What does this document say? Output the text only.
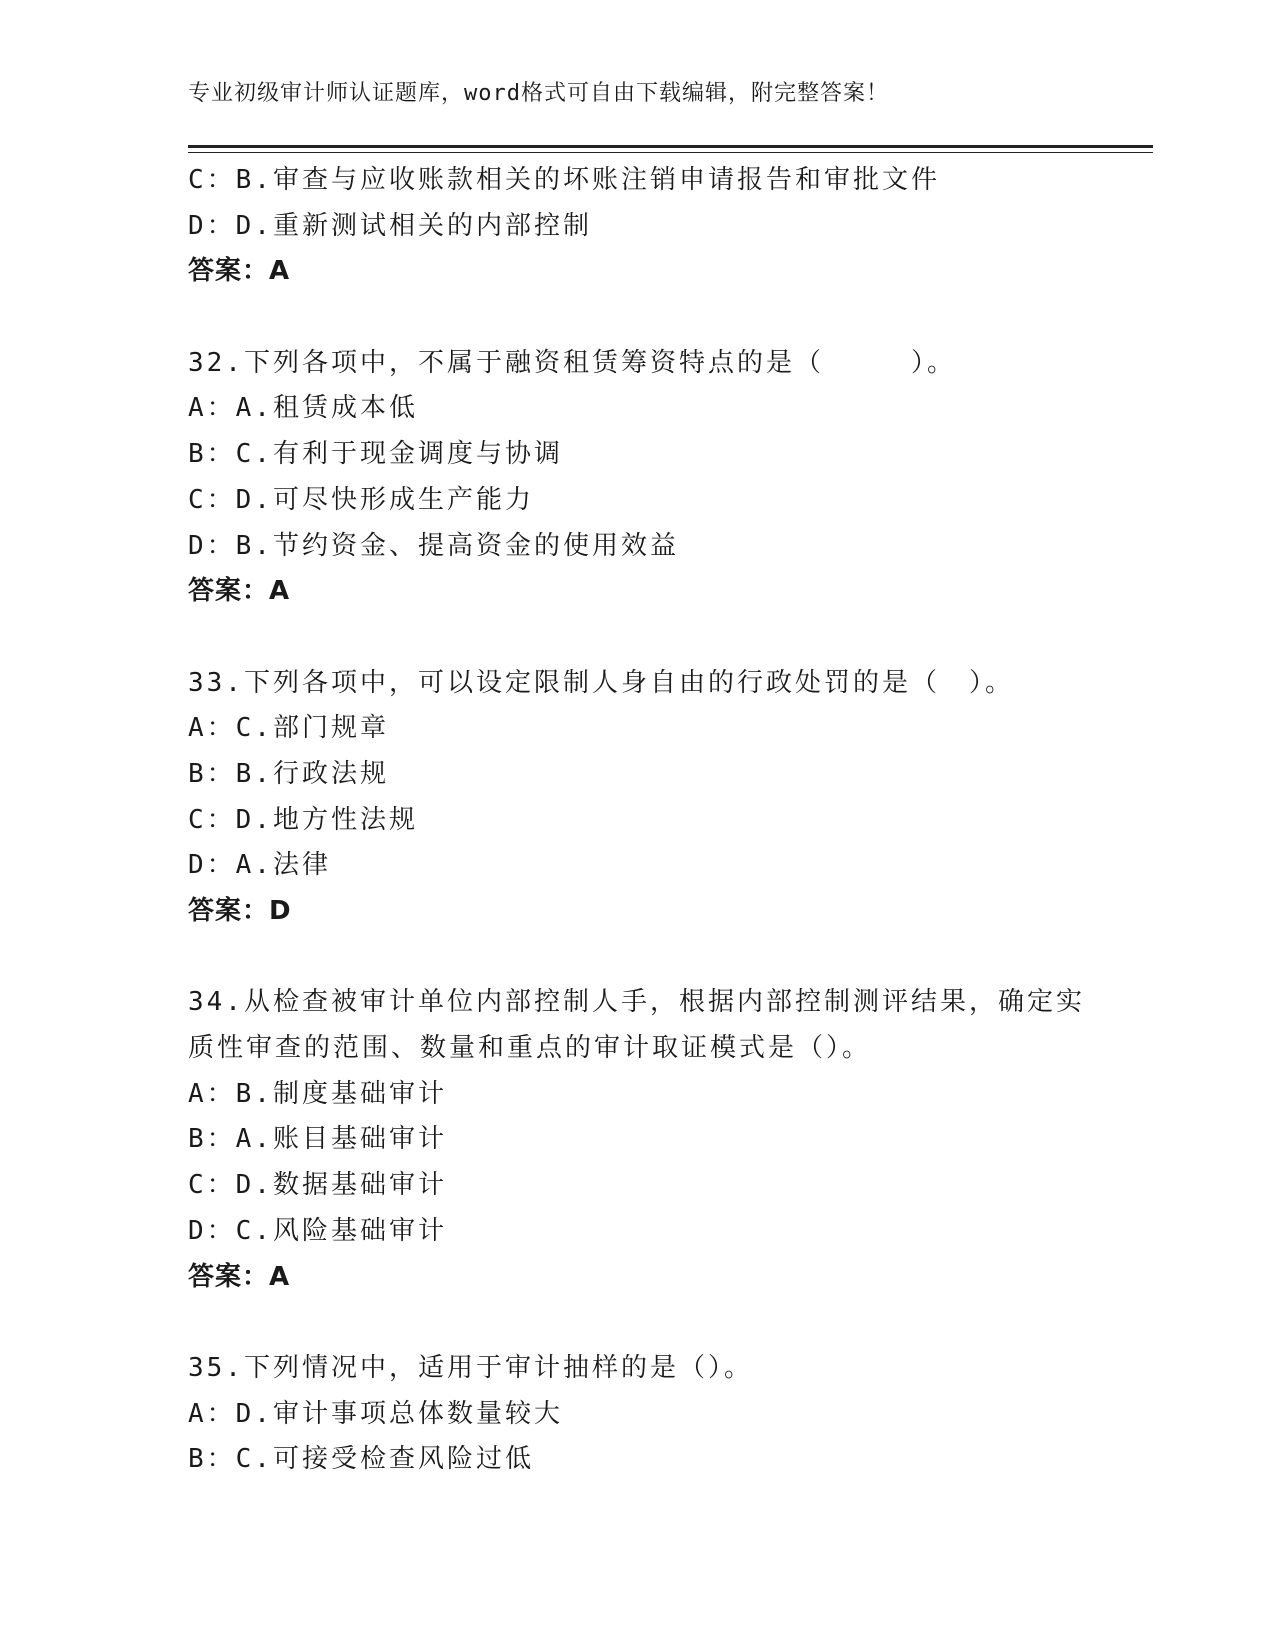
专业初级审计师认证题库，word格式可自由下载编辑，附完整答案！
C：B.审查与应收账款相关的坏账注销申请报告和审批文件
D：D.重新测试相关的内部控制
答案：A
32.下列各项中，不属于融资租赁筹资特点的是（　　　）。
A：A.租赁成本低
B：C.有利于现金调度与协调
C：D.可尽快形成生产能力
D：B.节约资金、提高资金的使用效益
答案：A
33.下列各项中，可以设定限制人身自由的行政处罚的是（　）。
A：C.部门规章
B：B.行政法规
C：D.地方性法规
D：A.法律
答案：D
34.从检查被审计单位内部控制人手，根据内部控制测评结果，确定实
质性审查的范围、数量和重点的审计取证模式是（）。
A：B.制度基础审计
B：A.账目基础审计
C：D.数据基础审计
D：C.风险基础审计
答案：A
35.下列情况中，适用于审计抽样的是（）。
A：D.审计事项总体数量较大
B：C.可接受检查风险过低
